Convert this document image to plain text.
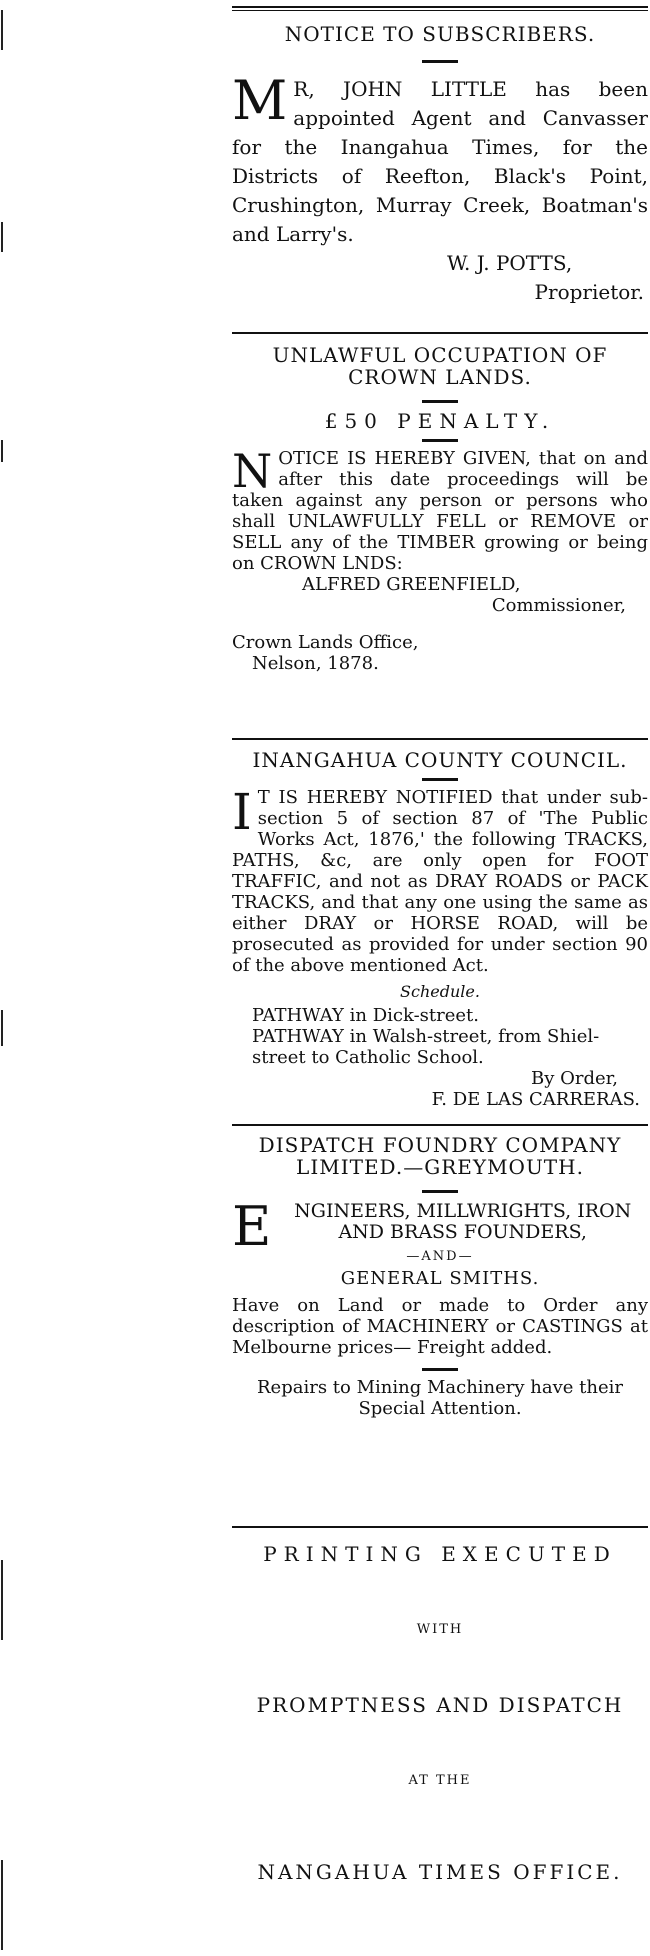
NOTICE TO SUBSCRIBERS.
M R, JOHN LITTLE has been appointed Agent and Canvasser for the Inangahua Times, for the Districts of Reefton, Black's Point, Crushington, Murray Creek, Boatman's and Larry's.
W. J. POTTS,
Proprietor.
UNLAWFUL OCCUPATION OF CROWN LANDS.
£50 PENALTY.
N OTICE IS HEREBY GIVEN, that on and after this date proceedings will be taken against any person or persons who shall UNLAWFULLY FELL or REMOVE or SELL any of the TIMBER growing or being on CROWN LNDS:
ALFRED GREENFIELD,
Commissioner,
Crown Lands Office,
Nelson, 1878.
INANGAHUA COUNTY COUNCIL.
I T IS HEREBY NOTIFIED that under sub-section 5 of section 87 of 'The Public Works Act, 1876,' the following TRACKS, PATHS, &c, are only open for FOOT TRAFFIC, and not as DRAY ROADS or PACK TRACKS, and that any one using the same as either DRAY or HORSE ROAD, will be prosecuted as provided for under section 90 of the above mentioned Act.
Schedule.
PATHWAY in Dick-street.
PATHWAY in Walsh-street, from Shiel-street to Catholic School.
By Order,
F. DE LAS CARRERAS.
DISPATCH FOUNDRY COMPANY LIMITED.—GREYMOUTH.
E NGINEERS, MILLWRIGHTS, IRON AND BRASS FOUNDERS,
—AND—
GENERAL SMITHS.
Have on Land or made to Order any description of MACHINERY or CASTINGS at Melbourne prices— Freight added.
Repairs to Mining Machinery have their Special Attention.
PRINTING EXECUTED
WITH
PROMPTNESS AND DISPATCH
AT THE
NANGAHUA TIMES OFFICE.
